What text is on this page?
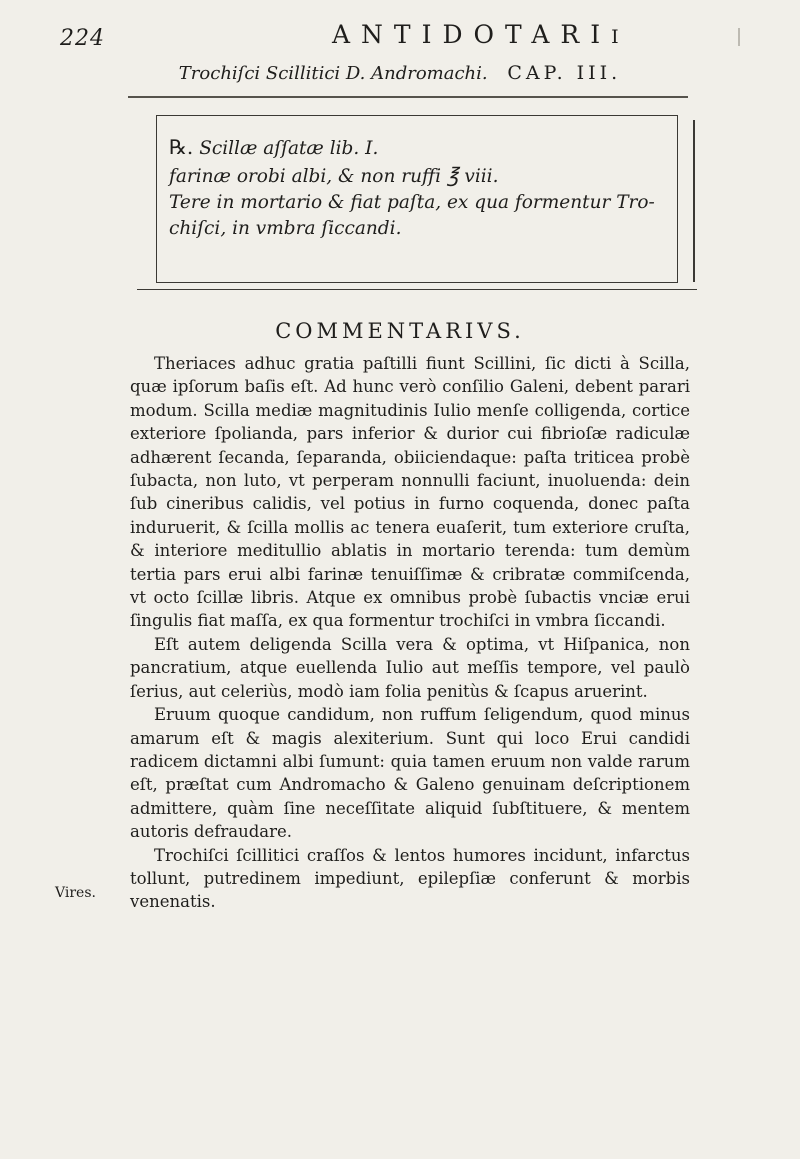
224	ANTIDOTARII
Trochiſci Scillitici D. Andromachi. CAP. III.
℞. Scillæ aſſatæ lib. I.
farinæ orobi albi, & non ruffi ℥ viii.
Tere in mortario & fiat paſta, ex qua formentur Tro-
chiſci, in vmbra ſiccandi.
COMMENTARIVS.

Theriaces adhuc gratia paſtilli fiunt Scillini, ſic dicti à Scilla, quæ ipſorum baſis eſt. Ad hunc verò conſilio Galeni, debent parari modum. Scilla mediæ magnitudinis Iulio menſe colligenda, cortice exteriore ſpolianda, pars inferior & durior cui fibrioſæ radiculæ adhærent ſecanda, ſeparanda, obiiciendaque: paſta triticea probè ſubacta, non luto, vt perperam nonnulli faciunt, inuoluenda: dein ſub cineribus calidis, vel potius in furno coquenda, donec paſta induruerit, & ſcilla mollis ac tenera euaſerit, tum exteriore cruſta, & interiore meditullio ablatis in mortario terenda: tum demùm tertia pars erui albi farinæ tenuiſſimæ & cribratæ commiſcenda, vt octo ſcillæ libris. Atque ex omnibus probè ſubactis vnciæ erui ſingulis fiat maſſa, ex qua formentur trochiſci in vmbra ſiccandi.

Eſt autem deligenda Scilla vera & optima, vt Hiſpanica, non pancratium, atque euellenda Iulio aut meſſis tempore, vel paulò ſerius, aut celeriùs, modò iam folia penitùs & ſcapus aruerint.

Eruum quoque candidum, non ruffum ſeligendum, quod minus amarum eſt & magis alexiterium. Sunt qui loco Erui candidi radicem dictamni albi ſumunt: quia tamen eruum non valde rarum eſt, præſtat cum Andromacho & Galeno genuinam deſcriptionem admittere, quàm ſine neceſſitate aliquid ſubſtituere, & mentem autoris defraudare.

Trochiſci ſcillitici craſſos & lentos humores incidunt, infarctus tollunt, putredinem impediunt, epilepſiæ conferunt & morbis venenatis.

Vires.
